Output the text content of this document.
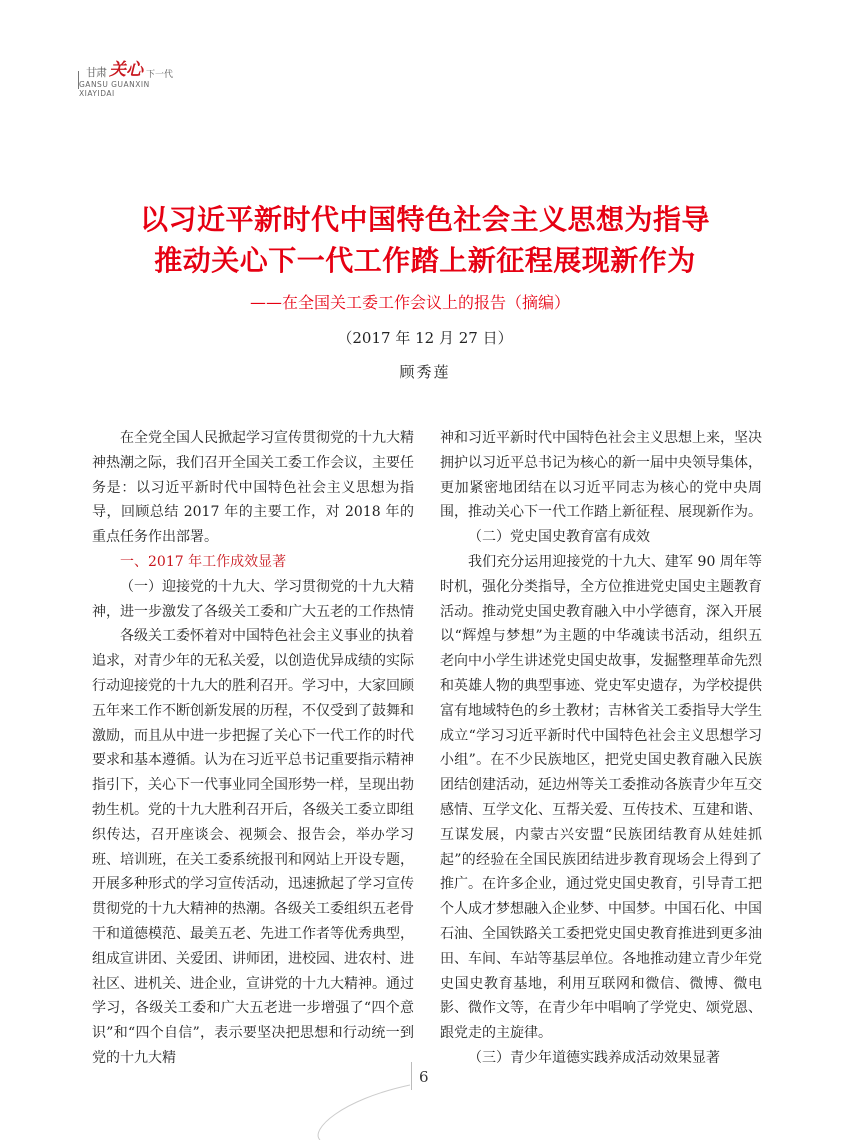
甘肃 关心 下一代
GANSU GUANXIN
XIAYIDAI
以习近平新时代中国特色社会主义思想为指导
推动关心下一代工作踏上新征程展现新作为
——在全国关工委工作会议上的报告（摘编）
（2017 年 12 月 27 日）
顾秀莲

在全党全国人民掀起学习宣传贯彻党的十九大精神热潮之际，我们召开全国关工委工作会议，主要任务是：以习近平新时代中国特色社会主义思想为指导，回顾总结 2017 年的主要工作，对 2018 年的重点任务作出部署。

一、2017 年工作成效显著

（一）迎接党的十九大、学习贯彻党的十九大精神，进一步激发了各级关工委和广大五老的工作热情

各级关工委怀着对中国特色社会主义事业的执着追求，对青少年的无私关爱，以创造优异成绩的实际行动迎接党的十九大的胜利召开。学习中，大家回顾五年来工作不断创新发展的历程，不仅受到了鼓舞和激励，而且从中进一步把握了关心下一代工作的时代要求和基本遵循。认为在习近平总书记重要指示精神指引下，关心下一代事业同全国形势一样，呈现出勃勃生机。党的十九大胜利召开后，各级关工委立即组织传达，召开座谈会、视频会、报告会，举办学习班、培训班，在关工委系统报刊和网站上开设专题，开展多种形式的学习宣传活动，迅速掀起了学习宣传贯彻党的十九大精神的热潮。各级关工委组织五老骨干和道德模范、最美五老、先进工作者等优秀典型，组成宣讲团、关爱团、讲师团，进校园、进农村、进社区、进机关、进企业，宣讲党的十九大精神。通过学习，各级关工委和广大五老进一步增强了“四个意识”和“四个自信”，表示要坚决把思想和行动统一到党的十九大精

神和习近平新时代中国特色社会主义思想上来，坚决拥护以习近平总书记为核心的新一届中央领导集体，更加紧密地团结在以习近平同志为核心的党中央周围，推动关心下一代工作踏上新征程、展现新作为。

（二）党史国史教育富有成效

我们充分运用迎接党的十九大、建军 90 周年等时机，强化分类指导，全方位推进党史国史主题教育活动。推动党史国史教育融入中小学德育，深入开展以“辉煌与梦想”为主题的中华魂读书活动，组织五老向中小学生讲述党史国史故事，发掘整理革命先烈和英雄人物的典型事迹、党史军史遗存，为学校提供富有地域特色的乡土教材；吉林省关工委指导大学生成立“学习习近平新时代中国特色社会主义思想学习小组”。在不少民族地区，把党史国史教育融入民族团结创建活动，延边州等关工委推动各族青少年互交感情、互学文化、互帮关爱、互传技术、互建和谐、互谋发展，内蒙古兴安盟“民族团结教育从娃娃抓起”的经验在全国民族团结进步教育现场会上得到了推广。在许多企业，通过党史国史教育，引导青工把个人成才梦想融入企业梦、中国梦。中国石化、中国石油、全国铁路关工委把党史国史教育推进到更多油田、车间、车站等基层单位。各地推动建立青少年党史国史教育基地，利用互联网和微信、微博、微电影、微作文等，在青少年中唱响了学党史、颂党恩、跟党走的主旋律。

（三）青少年道德实践养成活动效果显著

6
